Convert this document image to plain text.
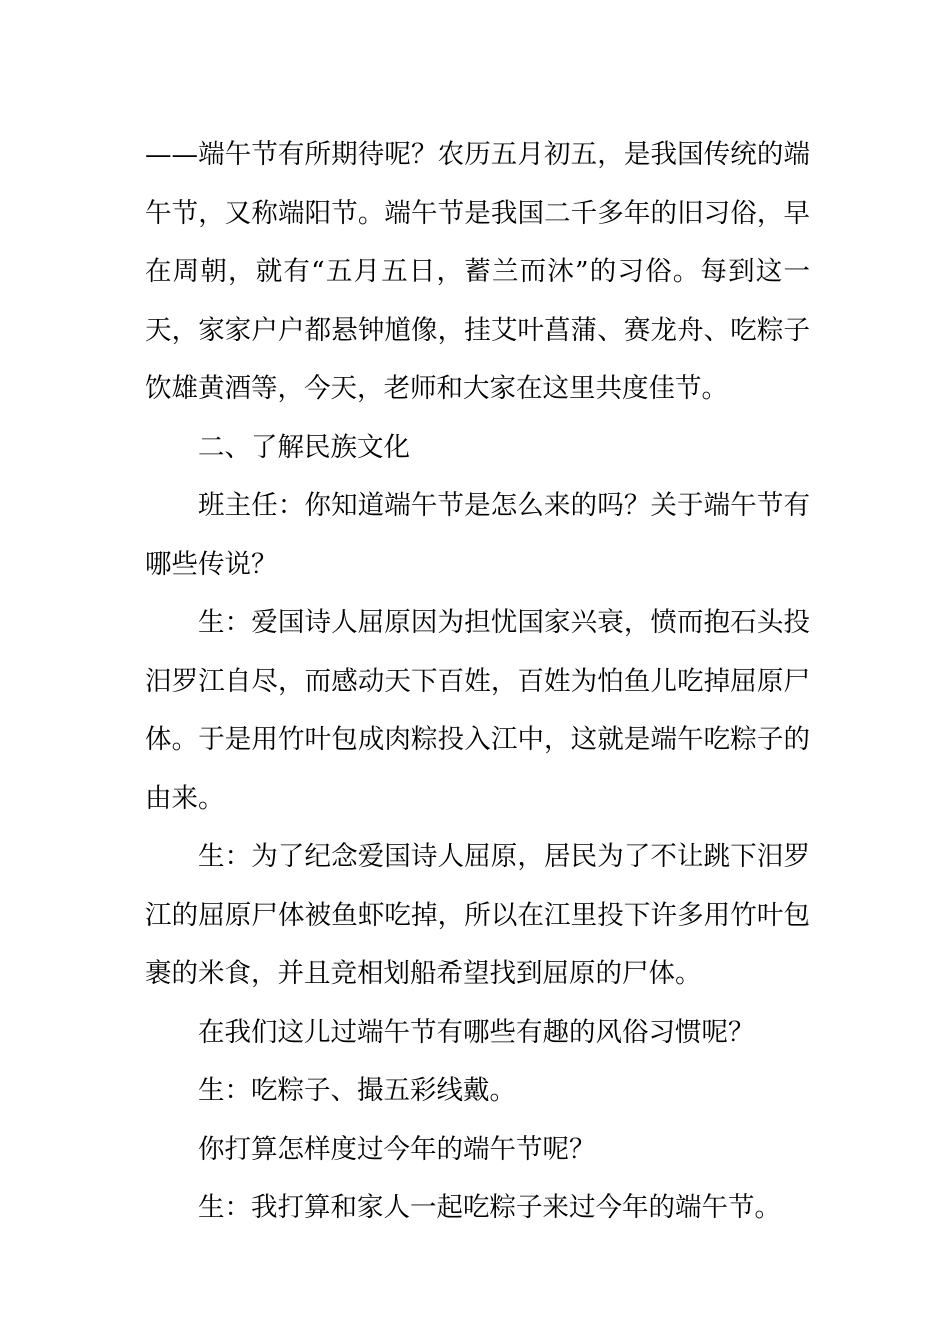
——端午节有所期待呢？农历五月初五，是我国传统的端午节，又称端阳节。端午节是我国二千多年的旧习俗，早在周朝，就有“五月五日，蓄兰而沐”的习俗。每到这一天，家家户户都悬钟馗像，挂艾叶菖蒲、赛龙舟、吃粽子饮雄黄酒等，今天，老师和大家在这里共度佳节。

二、了解民族文化

班主任：你知道端午节是怎么来的吗？关于端午节有哪些传说？

生：爱国诗人屈原因为担忧国家兴衰，愤而抱石头投汨罗江自尽，而感动天下百姓，百姓为怕鱼儿吃掉屈原尸体。于是用竹叶包成肉粽投入江中，这就是端午吃粽子的由来。

生：为了纪念爱国诗人屈原，居民为了不让跳下汨罗江的屈原尸体被鱼虾吃掉，所以在江里投下许多用竹叶包裹的米食，并且竞相划船希望找到屈原的尸体。

在我们这儿过端午节有哪些有趣的风俗习惯呢？

生：吃粽子、撮五彩线戴。

你打算怎样度过今年的端午节呢？

生：我打算和家人一起吃粽子来过今年的端午节。
